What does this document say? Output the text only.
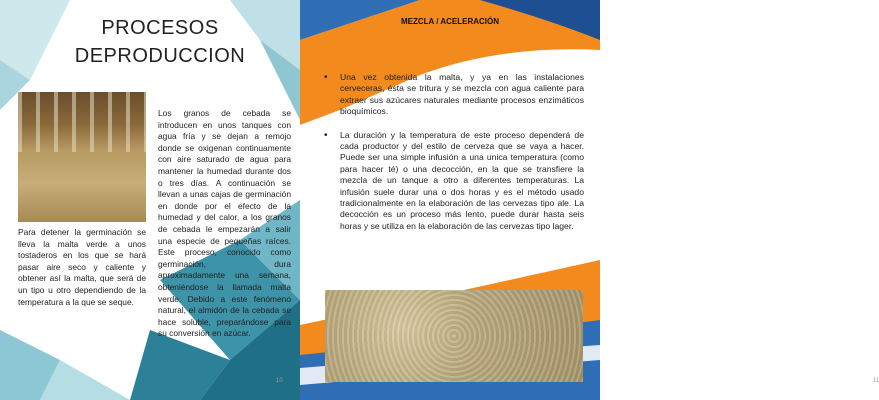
PROCESOS DEPRODUCCION
Los granos de cebada se introducen en unos tanques con agua fría y se dejan a remojo donde se oxigenan continuamente con aire saturado de agua para mantener la humedad durante dos o tres días. A continuación se llevan a unas cajas de germinación en donde por el efecto de la humedad y del calor, a los granos de cebada le empezarán a salir una especie de pequeñas raíces. Este proceso, conocido como germinación, dura aproximadamente una semana, obteniéndose la llamada malta verde. Debido a este fenómeno natural, el almidón de la cebada se hace soluble, preparándose para su conversión en azúcar.
Para detener la germinación se lleva la malta verde a unos tostaderos en los que se hará pasar aire seco y caliente y obtener así la malta, que será de un tipo u otro dependiendo de la temperatura a la que se seque.
10	11
MEZCLA / ACELERACIÓN
• Una vez obtenida la malta, y ya en las instalaciones cerveceras, ésta se tritura y se mezcla con agua caliente para extraer sus azúcares naturales mediante procesos enzimáticos bioquímicos.
• La duración y la temperatura de este proceso dependerá de cada productor y del estilo de cerveza que se vaya a hacer. Puede ser una simple infusión a una unica temperatura (como para hacer té) o una decocción, en la que se transfiere la mezcla de un tanque a otro a diferentes temperaturas. La infusión suele durar una o dos horas y es el método usado tradicionalmente en la elaboración de las cervezas tipo ale. La decocción es un proceso más lento, puede durar hasta seis horas y se utiliza en la elaboración de las cervezas tipo lager.
